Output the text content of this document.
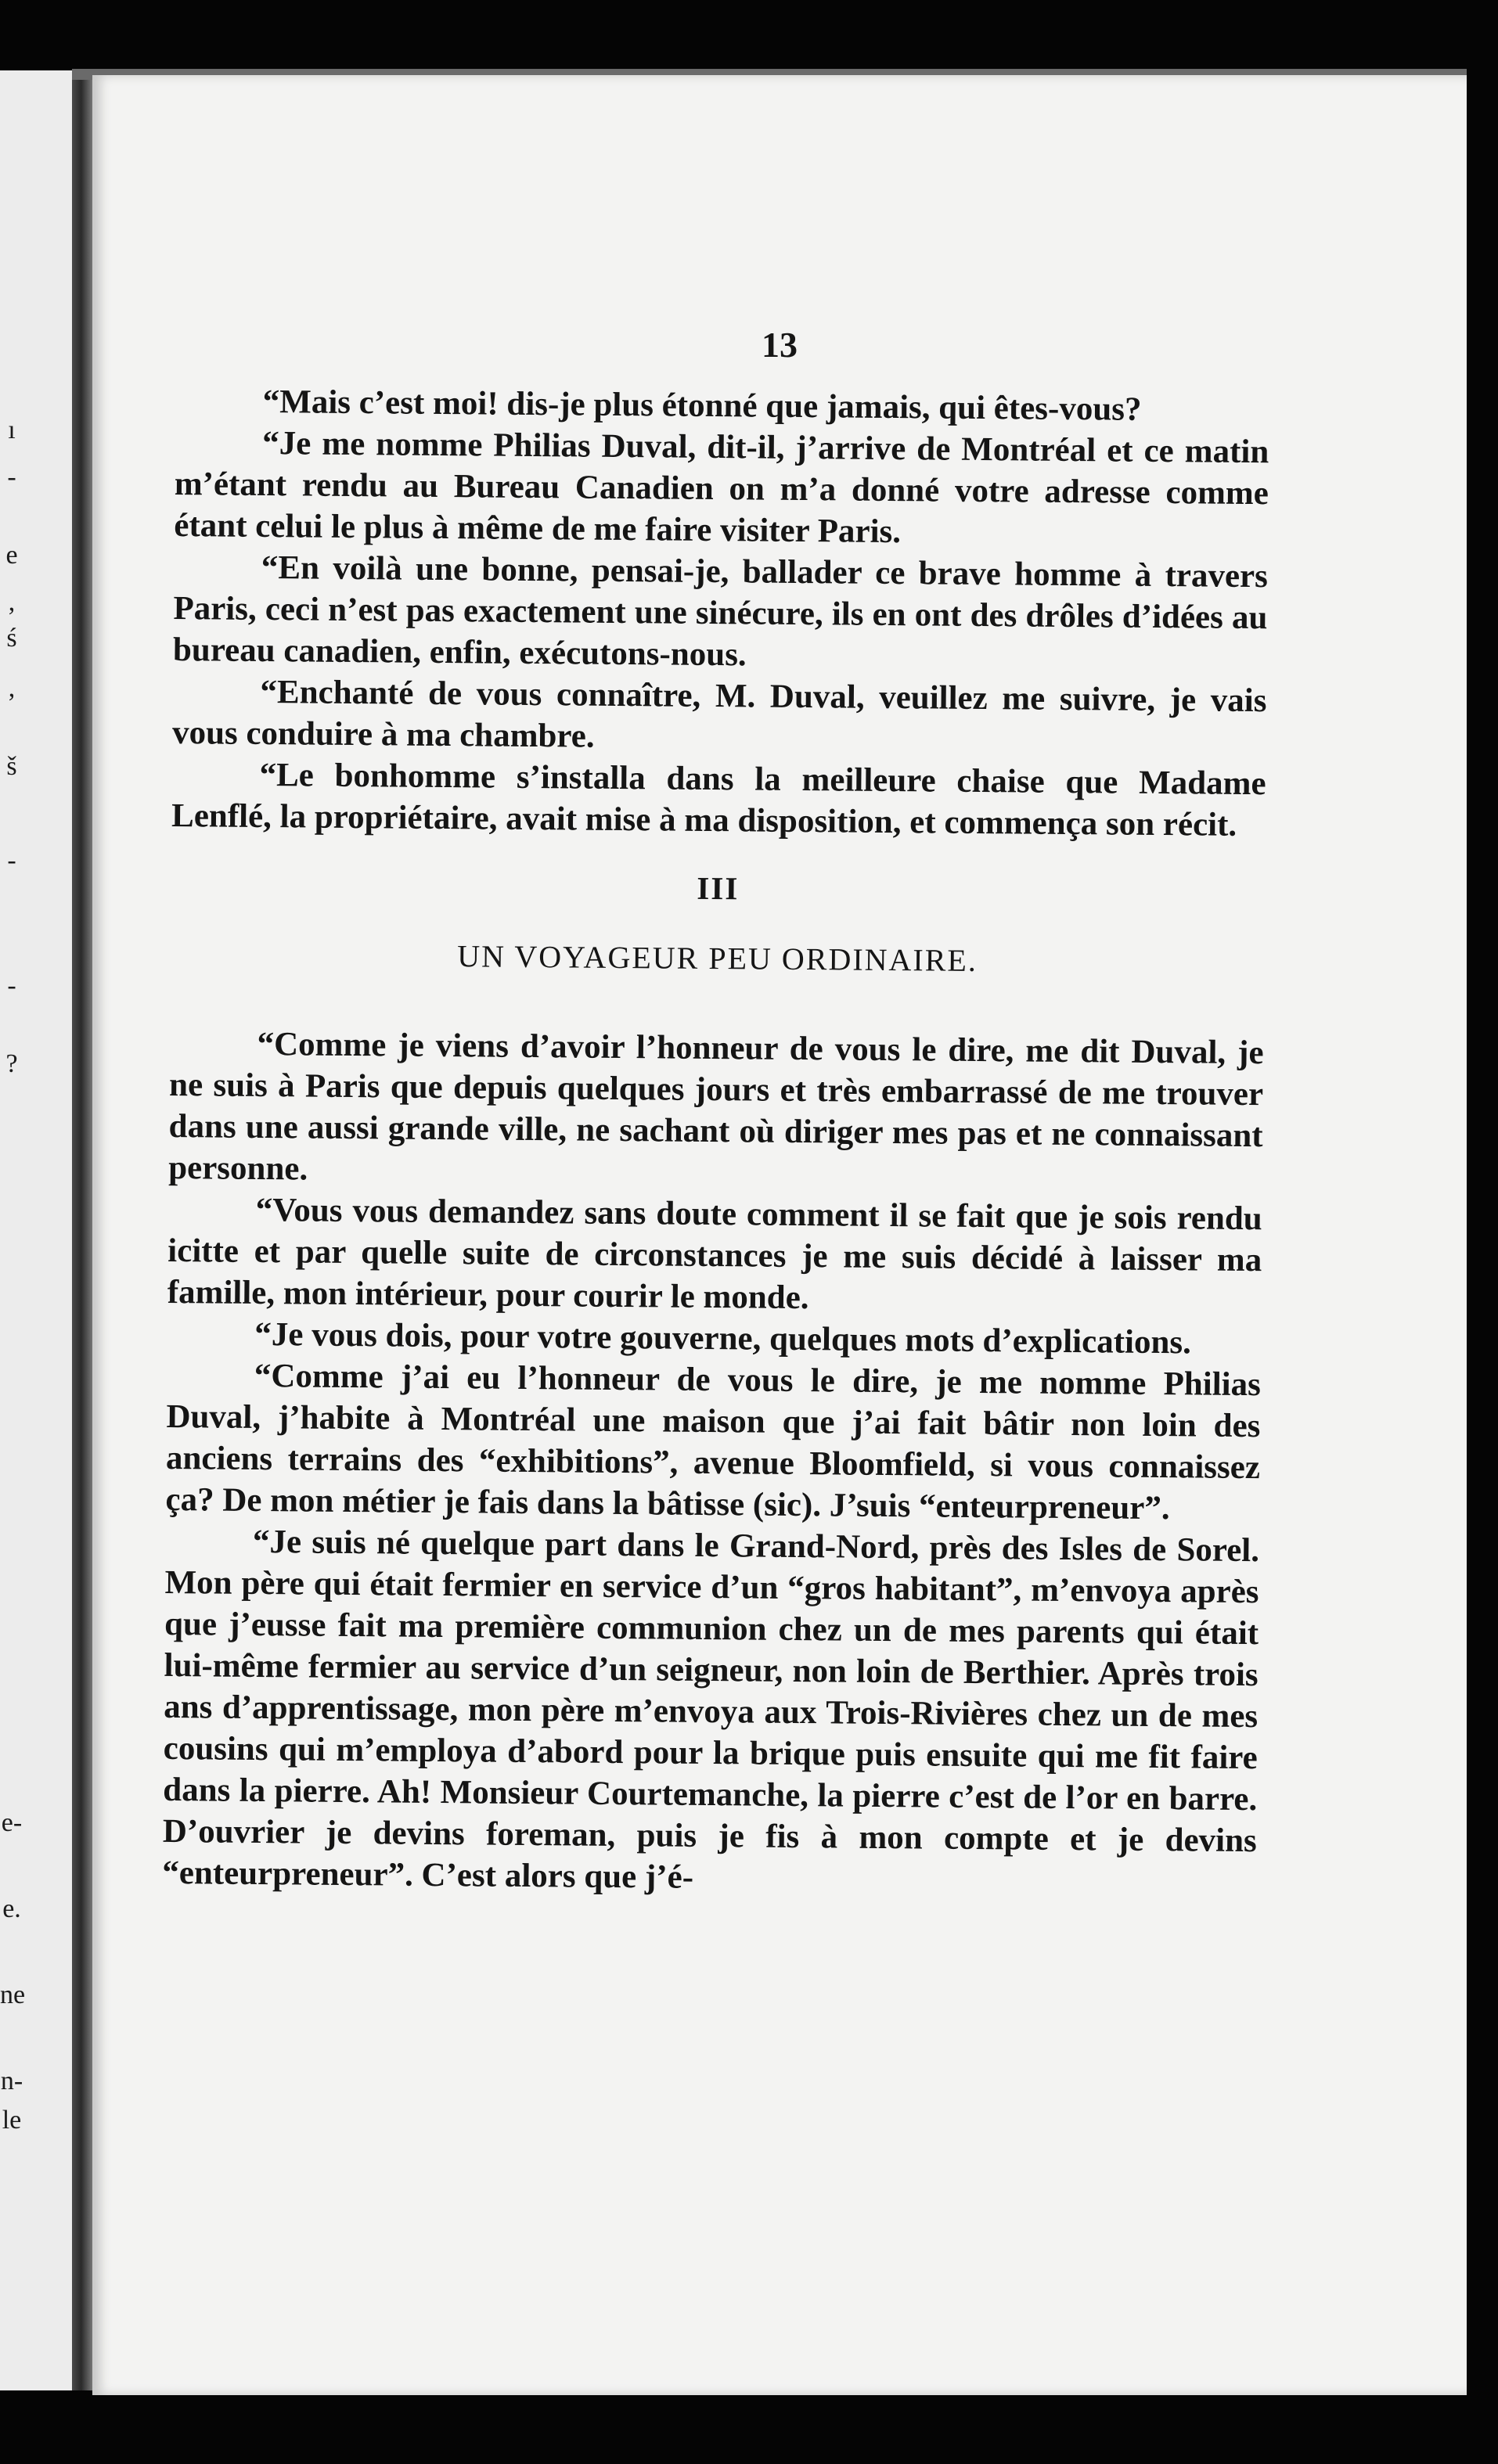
ı
-
e
,
ś
,
š
-
-
?
e-
e.
ne
n-
le
13

“Mais c’est moi! dis-je plus étonné que jamais, qui êtes-vous?

“Je me nomme Philias Duval, dit-il, j’arrive de Montréal et ce matin m’étant rendu au Bureau Canadien on m’a donné votre adresse comme étant celui le plus à même de me faire visiter Paris.

“En voilà une bonne, pensai-je, ballader ce brave homme à travers Paris, ceci n’est pas exactement une sinécure, ils en ont des drôles d’idées au bureau canadien, enfin, exécutons-nous.

“Enchanté de vous connaître, M. Duval, veuillez me suivre, je vais vous conduire à ma chambre.

“Le bonhomme s’installa dans la meilleure chaise que Madame Lenflé, la propriétaire, avait mise à ma disposition, et commença son récit.

III
UN VOYAGEUR PEU ORDINAIRE.

“Comme je viens d’avoir l’honneur de vous le dire, me dit Duval, je ne suis à Paris que depuis quelques jours et très embarrassé de me trouver dans une aussi grande ville, ne sachant où diriger mes pas et ne connaissant personne.

“Vous vous demandez sans doute comment il se fait que je sois rendu icitte et par quelle suite de circonstances je me suis décidé à laisser ma famille, mon intérieur, pour courir le monde.

“Je vous dois, pour votre gouverne, quelques mots d’explications.

“Comme j’ai eu l’honneur de vous le dire, je me nomme Philias Duval, j’habite à Montréal une maison que j’ai fait bâtir non loin des anciens terrains des “exhibitions”, avenue Bloomfield, si vous connaissez ça? De mon métier je fais dans la bâtisse (sic). J’suis “enteurpreneur”.

“Je suis né quelque part dans le Grand-Nord, près des Isles de Sorel. Mon père qui était fermier en service d’un “gros habitant”, m’envoya après que j’eusse fait ma première communion chez un de mes parents qui était lui-même fermier au service d’un seigneur, non loin de Berthier. Après trois ans d’apprentissage, mon père m’envoya aux Trois-Rivières chez un de mes cousins qui m’employa d’abord pour la brique puis ensuite qui me fit faire dans la pierre. Ah! Monsieur Courtemanche, la pierre c’est de l’or en barre. D’ouvrier je devins foreman, puis je fis à mon compte et je devins “enteurpreneur”. C’est alors que j’é-
